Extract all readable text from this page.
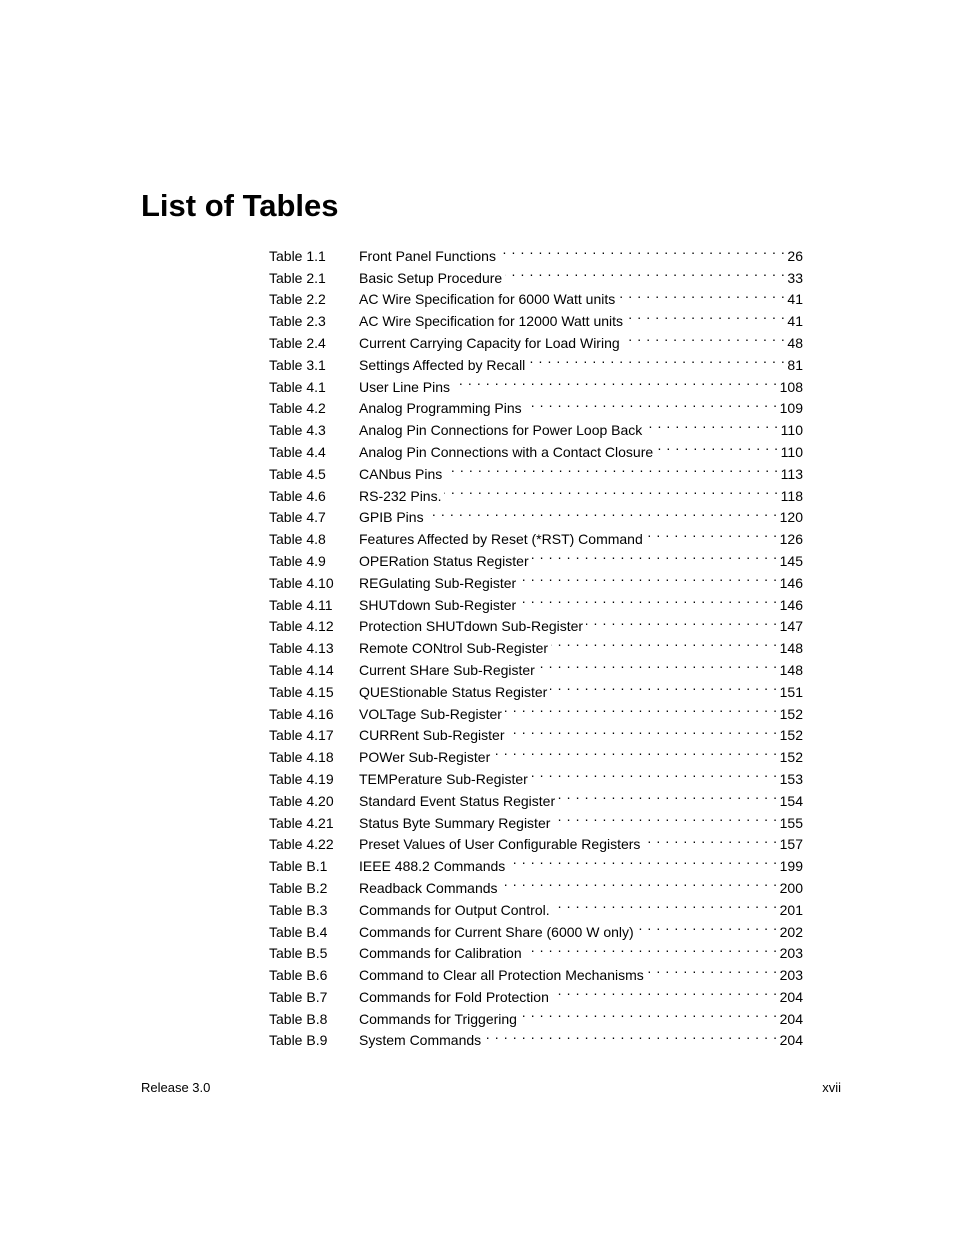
List of Tables
Table 1.1	Front Panel Functions . . .	26
Table 2.1	Basic Setup Procedure . . .	33
Table 2.2	AC Wire Specification for 6000 Watt units . . .	41
Table 2.3	AC Wire Specification for 12000 Watt units . . .	41
Table 2.4	Current Carrying Capacity for Load Wiring . . .	48
Table 3.1	Settings Affected by Recall . . .	81
Table 4.1	User Line Pins . . .	108
Table 4.2	Analog Programming Pins . . .	109
Table 4.3	Analog Pin Connections for Power Loop Back . . .	110
Table 4.4	Analog Pin Connections with a Contact Closure . . .	110
Table 4.5	CANbus Pins . . .	113
Table 4.6	RS-232 Pins. . . .	118
Table 4.7	GPIB Pins . . .	120
Table 4.8	Features Affected by Reset (*RST) Command . . .	126
Table 4.9	OPERation Status Register . . .	145
Table 4.10	REGulating Sub-Register . . .	146
Table 4.11	SHUTdown Sub-Register . . .	146
Table 4.12	Protection SHUTdown Sub-Register . . .	147
Table 4.13	Remote CONtrol Sub-Register . . .	148
Table 4.14	Current SHare Sub-Register . . .	148
Table 4.15	QUEStionable Status Register . . .	151
Table 4.16	VOLTage Sub-Register . . .	152
Table 4.17	CURRent Sub-Register . . .	152
Table 4.18	POWer Sub-Register . . .	152
Table 4.19	TEMPerature Sub-Register . . .	153
Table 4.20	Standard Event Status Register . . .	154
Table 4.21	Status Byte Summary Register . . .	155
Table 4.22	Preset Values of User Configurable Registers . . .	157
Table B.1	IEEE 488.2 Commands . . .	199
Table B.2	Readback Commands . . .	200
Table B.3	Commands for Output Control. . . .	201
Table B.4	Commands for Current Share (6000 W only) . . .	202
Table B.5	Commands for Calibration . . .	203
Table B.6	Command to Clear all Protection Mechanisms . . .	203
Table B.7	Commands for Fold Protection . . .	204
Table B.8	Commands for Triggering . . .	204
Table B.9	System Commands . . .	204
Release 3.0	xvii
